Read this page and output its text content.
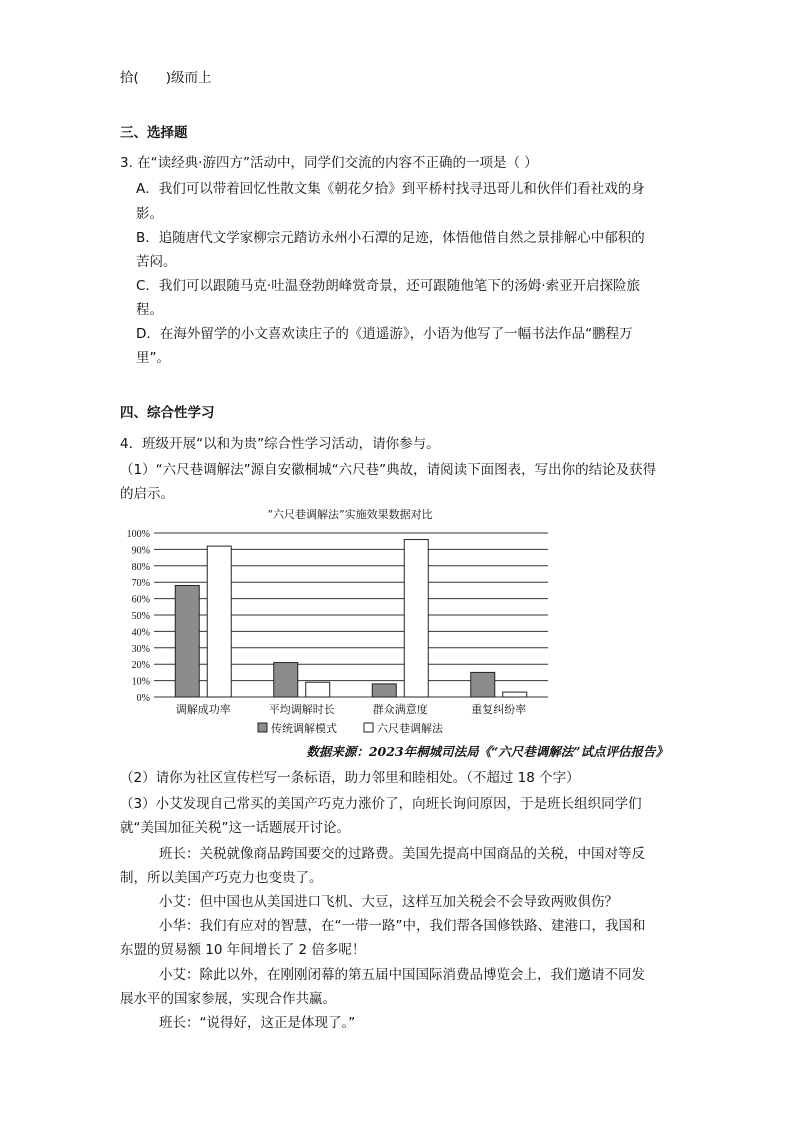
拾(　　)级而上
三、选择题
3. 在“读经典·游四方”活动中，同学们交流的内容不正确的一项是（ ）
A．我们可以带着回忆性散文集《朝花夕拾》到平桥村找寻迅哥儿和伙伴们看社戏的身
影。
B．追随唐代文学家柳宗元踏访永州小石潭的足迹，体悟他借自然之景排解心中郁积的
苦闷。
C．我们可以跟随马克·吐温登勃朗峰赏奇景，还可跟随他笔下的汤姆·索亚开启探险旅
程。
D．在海外留学的小文喜欢读庄子的《逍遥游》，小语为他写了一幅书法作品“鹏程万
里”。
四、综合性学习
4．班级开展“以和为贵”综合性学习活动，请你参与。
（1）“六尺巷调解法”源自安徽桐城“六尺巷”典故，请阅读下面图表，写出你的结论及获得
的启示。
“六尺巷调解法”实施效果数据对比
0%
10%
20%
30%
40%
50%
60%
70%
80%
90%
100%
调解成功率	平均调解时长	群众满意度	重复纠纷率
传统调解模式	六尺巷调解法
数据来源：2023年桐城司法局《“六尺巷调解法”试点评估报告》
（2）请你为社区宣传栏写一条标语，助力邻里和睦相处。（不超过 18 个字）
（3）小艾发现自己常买的美国产巧克力涨价了，向班长询问原因，于是班长组织同学们
就“美国加征关税”这一话题展开讨论。
班长：关税就像商品跨国要交的过路费。美国先提高中国商品的关税，中国对等反
制，所以美国产巧克力也变贵了。
小艾：但中国也从美国进口飞机、大豆，这样互加关税会不会导致两败俱伤？
小华：我们有应对的智慧，在“一带一路”中，我们帮各国修铁路、建港口，我国和
东盟的贸易额 10 年间增长了 2 倍多呢！
小艾：除此以外，在刚刚闭幕的第五届中国国际消费品博览会上，我们邀请不同发
展水平的国家参展，实现合作共赢。
班长：“说得好，这正是体现了。”
